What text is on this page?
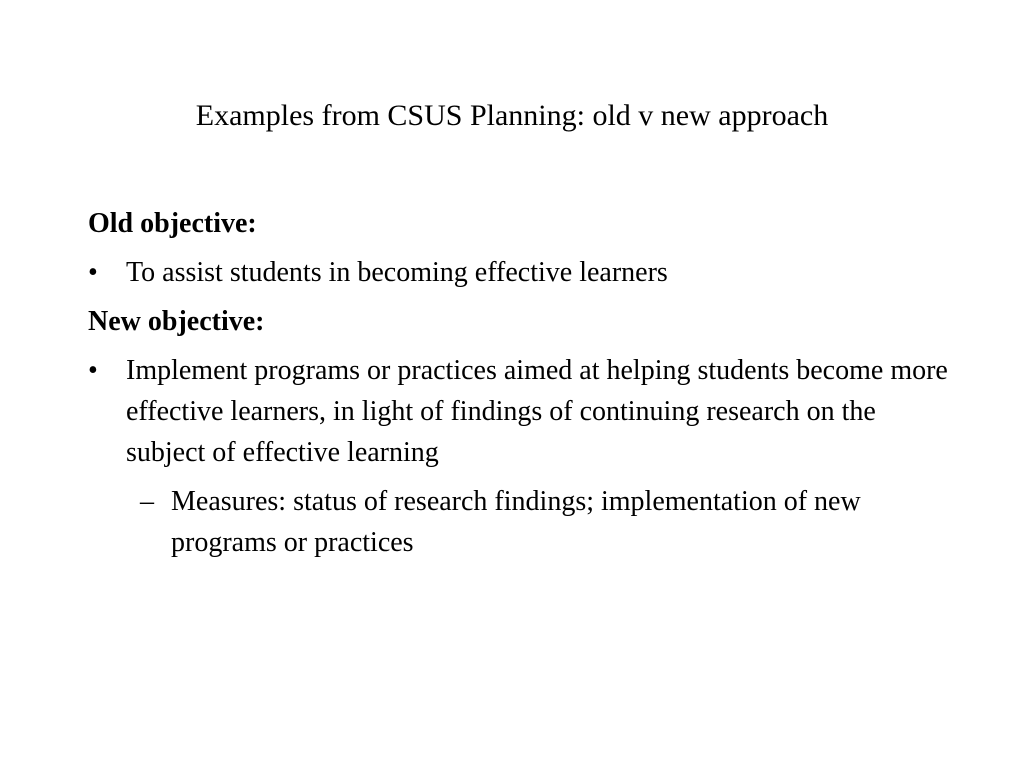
Examples from CSUS Planning: old v new approach
Old objective:
• To assist students in becoming effective learners
New objective:
• Implement programs or practices aimed at helping students become more effective learners, in light of findings of continuing research on the subject of effective learning
– Measures: status of research findings; implementation of new programs or practices
